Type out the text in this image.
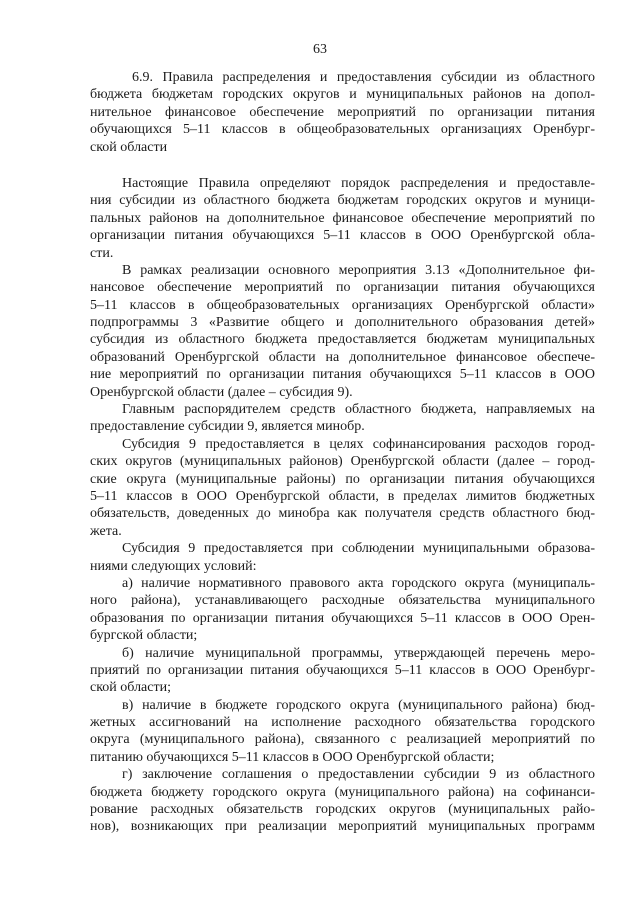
63
6.9. Правила распределения и предоставления субсидии из областного
бюджета бюджетам городских округов и муниципальных районов на допол-
нительное финансовое обеспечение мероприятий по организации питания
обучающихся 5–11 классов в общеобразовательных организациях Оренбург-
ской области
Настоящие Правила определяют порядок распределения и предоставле-
ния субсидии из областного бюджета бюджетам городских округов и муници-
пальных районов на дополнительное финансовое обеспечение мероприятий по
организации питания обучающихся 5–11 классов в ООО Оренбургской обла-
сти.
В рамках реализации основного мероприятия 3.13 «Дополнительное фи-
нансовое обеспечение мероприятий по организации питания обучающихся
5–11 классов в общеобразовательных организациях Оренбургской области»
подпрограммы 3 «Развитие общего и дополнительного образования детей»
субсидия из областного бюджета предоставляется бюджетам муниципальных
образований Оренбургской области на дополнительное финансовое обеспече-
ние мероприятий по организации питания обучающихся 5–11 классов в ООО
Оренбургской области (далее – субсидия 9).
Главным распорядителем средств областного бюджета, направляемых на
предоставление субсидии 9, является минобр.
Субсидия 9 предоставляется в целях софинансирования расходов город-
ских округов (муниципальных районов) Оренбургской области (далее – город-
ские округа (муниципальные районы) по организации питания обучающихся
5–11 классов в ООО Оренбургской области, в пределах лимитов бюджетных
обязательств, доведенных до минобра как получателя средств областного бюд-
жета.
Субсидия 9 предоставляется при соблюдении муниципальными образова-
ниями следующих условий:
а) наличие нормативного правового акта городского округа (муниципаль-
ного района), устанавливающего расходные обязательства муниципального
образования по организации питания обучающихся 5–11 классов в ООО Орен-
бургской области;
б) наличие муниципальной программы, утверждающей перечень меро-
приятий по организации питания обучающихся 5–11 классов в ООО Оренбург-
ской области;
в) наличие в бюджете городского округа (муниципального района) бюд-
жетных ассигнований на исполнение расходного обязательства городского
округа (муниципального района), связанного с реализацией мероприятий по
питанию обучающихся 5–11 классов в ООО Оренбургской области;
г) заключение соглашения о предоставлении субсидии 9 из областного
бюджета бюджету городского округа (муниципального района) на софинанси-
рование расходных обязательств городских округов (муниципальных райо-
нов), возникающих при реализации мероприятий муниципальных программ
